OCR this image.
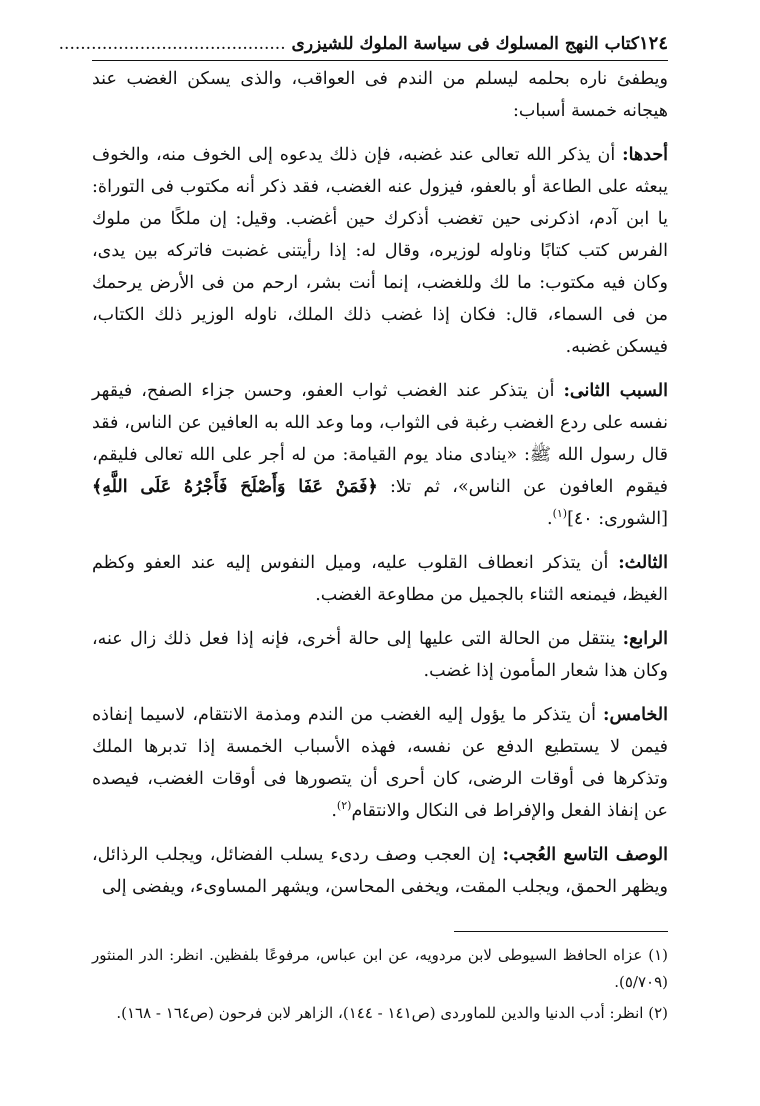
١٢٤
كتاب النهج المسلوك فى سياسة الملوك للشيزرى ..........................................

ويطفئ ناره بحلمه ليسلم من الندم فى العواقب، والذى يسكن الغضب عند هيجانه خمسة أسباب:

أحدها: أن يذكر الله تعالى عند غضبه، فإن ذلك يدعوه إلى الخوف منه، والخوف يبعثه على الطاعة أو بالعفو، فيزول عنه الغضب، فقد ذكر أنه مكتوب فى التوراة: يا ابن آدم، اذكرنى حين تغضب أذكرك حين أغضب. وقيل: إن ملكًا من ملوك الفرس كتب كتابًا وناوله لوزيره، وقال له: إذا رأيتنى غضبت فاتركه بين يدى، وكان فيه مكتوب: ما لك وللغضب، إنما أنت بشر، ارحم من فى الأرض يرحمك من فى السماء، قال: فكان إذا غضب ذلك الملك، ناوله الوزير ذلك الكتاب، فيسكن غضبه.

السبب الثانى: أن يتذكر عند الغضب ثواب العفو، وحسن جزاء الصفح، فيقهر نفسه على ردع الغضب رغبة فى الثواب، وما وعد الله به العافين عن الناس، فقد قال رسول الله ﷺ: «ينادى مناد يوم القيامة: من له أجر على الله تعالى فليقم، فيقوم العافون عن الناس»، ثم تلا: ﴿فَمَنْ عَفَا وَأَصْلَحَ فَأَجْرُهُ عَلَى اللَّهِ﴾ [الشورى: ٤٠]$^{(١)}$.

الثالث: أن يتذكر انعطاف القلوب عليه، وميل النفوس إليه عند العفو وكظم الغيظ، فيمنعه الثناء بالجميل من مطاوعة الغضب.

الرابع: ينتقل من الحالة التى عليها إلى حالة أخرى، فإنه إذا فعل ذلك زال عنه، وكان هذا شعار المأمون إذا غضب.

الخامس: أن يتذكر ما يؤول إليه الغضب من الندم ومذمة الانتقام، لاسيما إنفاذه فيمن لا يستطيع الدفع عن نفسه، فهذه الأسباب الخمسة إذا تدبرها الملك وتذكرها فى أوقات الرضى، كان أحرى أن يتصورها فى أوقات الغضب، فيصده عن إنفاذ الفعل والإفراط فى النكال والانتقام$^{(٢)}$.

الوصف التاسع العُجب: إن العجب وصف ردىء يسلب الفضائل، ويجلب الرذائل، ويظهر الحمق، ويجلب المقت، ويخفى المحاسن، ويشهر المساوىء، ويفضى إلى

(١) عزاه الحافظ السيوطى لابن مردويه، عن ابن عباس، مرفوعًا بلفظين. انظر: الدر المنثور (٥/٧٠٩).

(٢) انظر: أدب الدنيا والدين للماوردى (ص١٤١ - ١٤٤)، الزاهر لابن فرحون (ص١٦٤ - ١٦٨).
